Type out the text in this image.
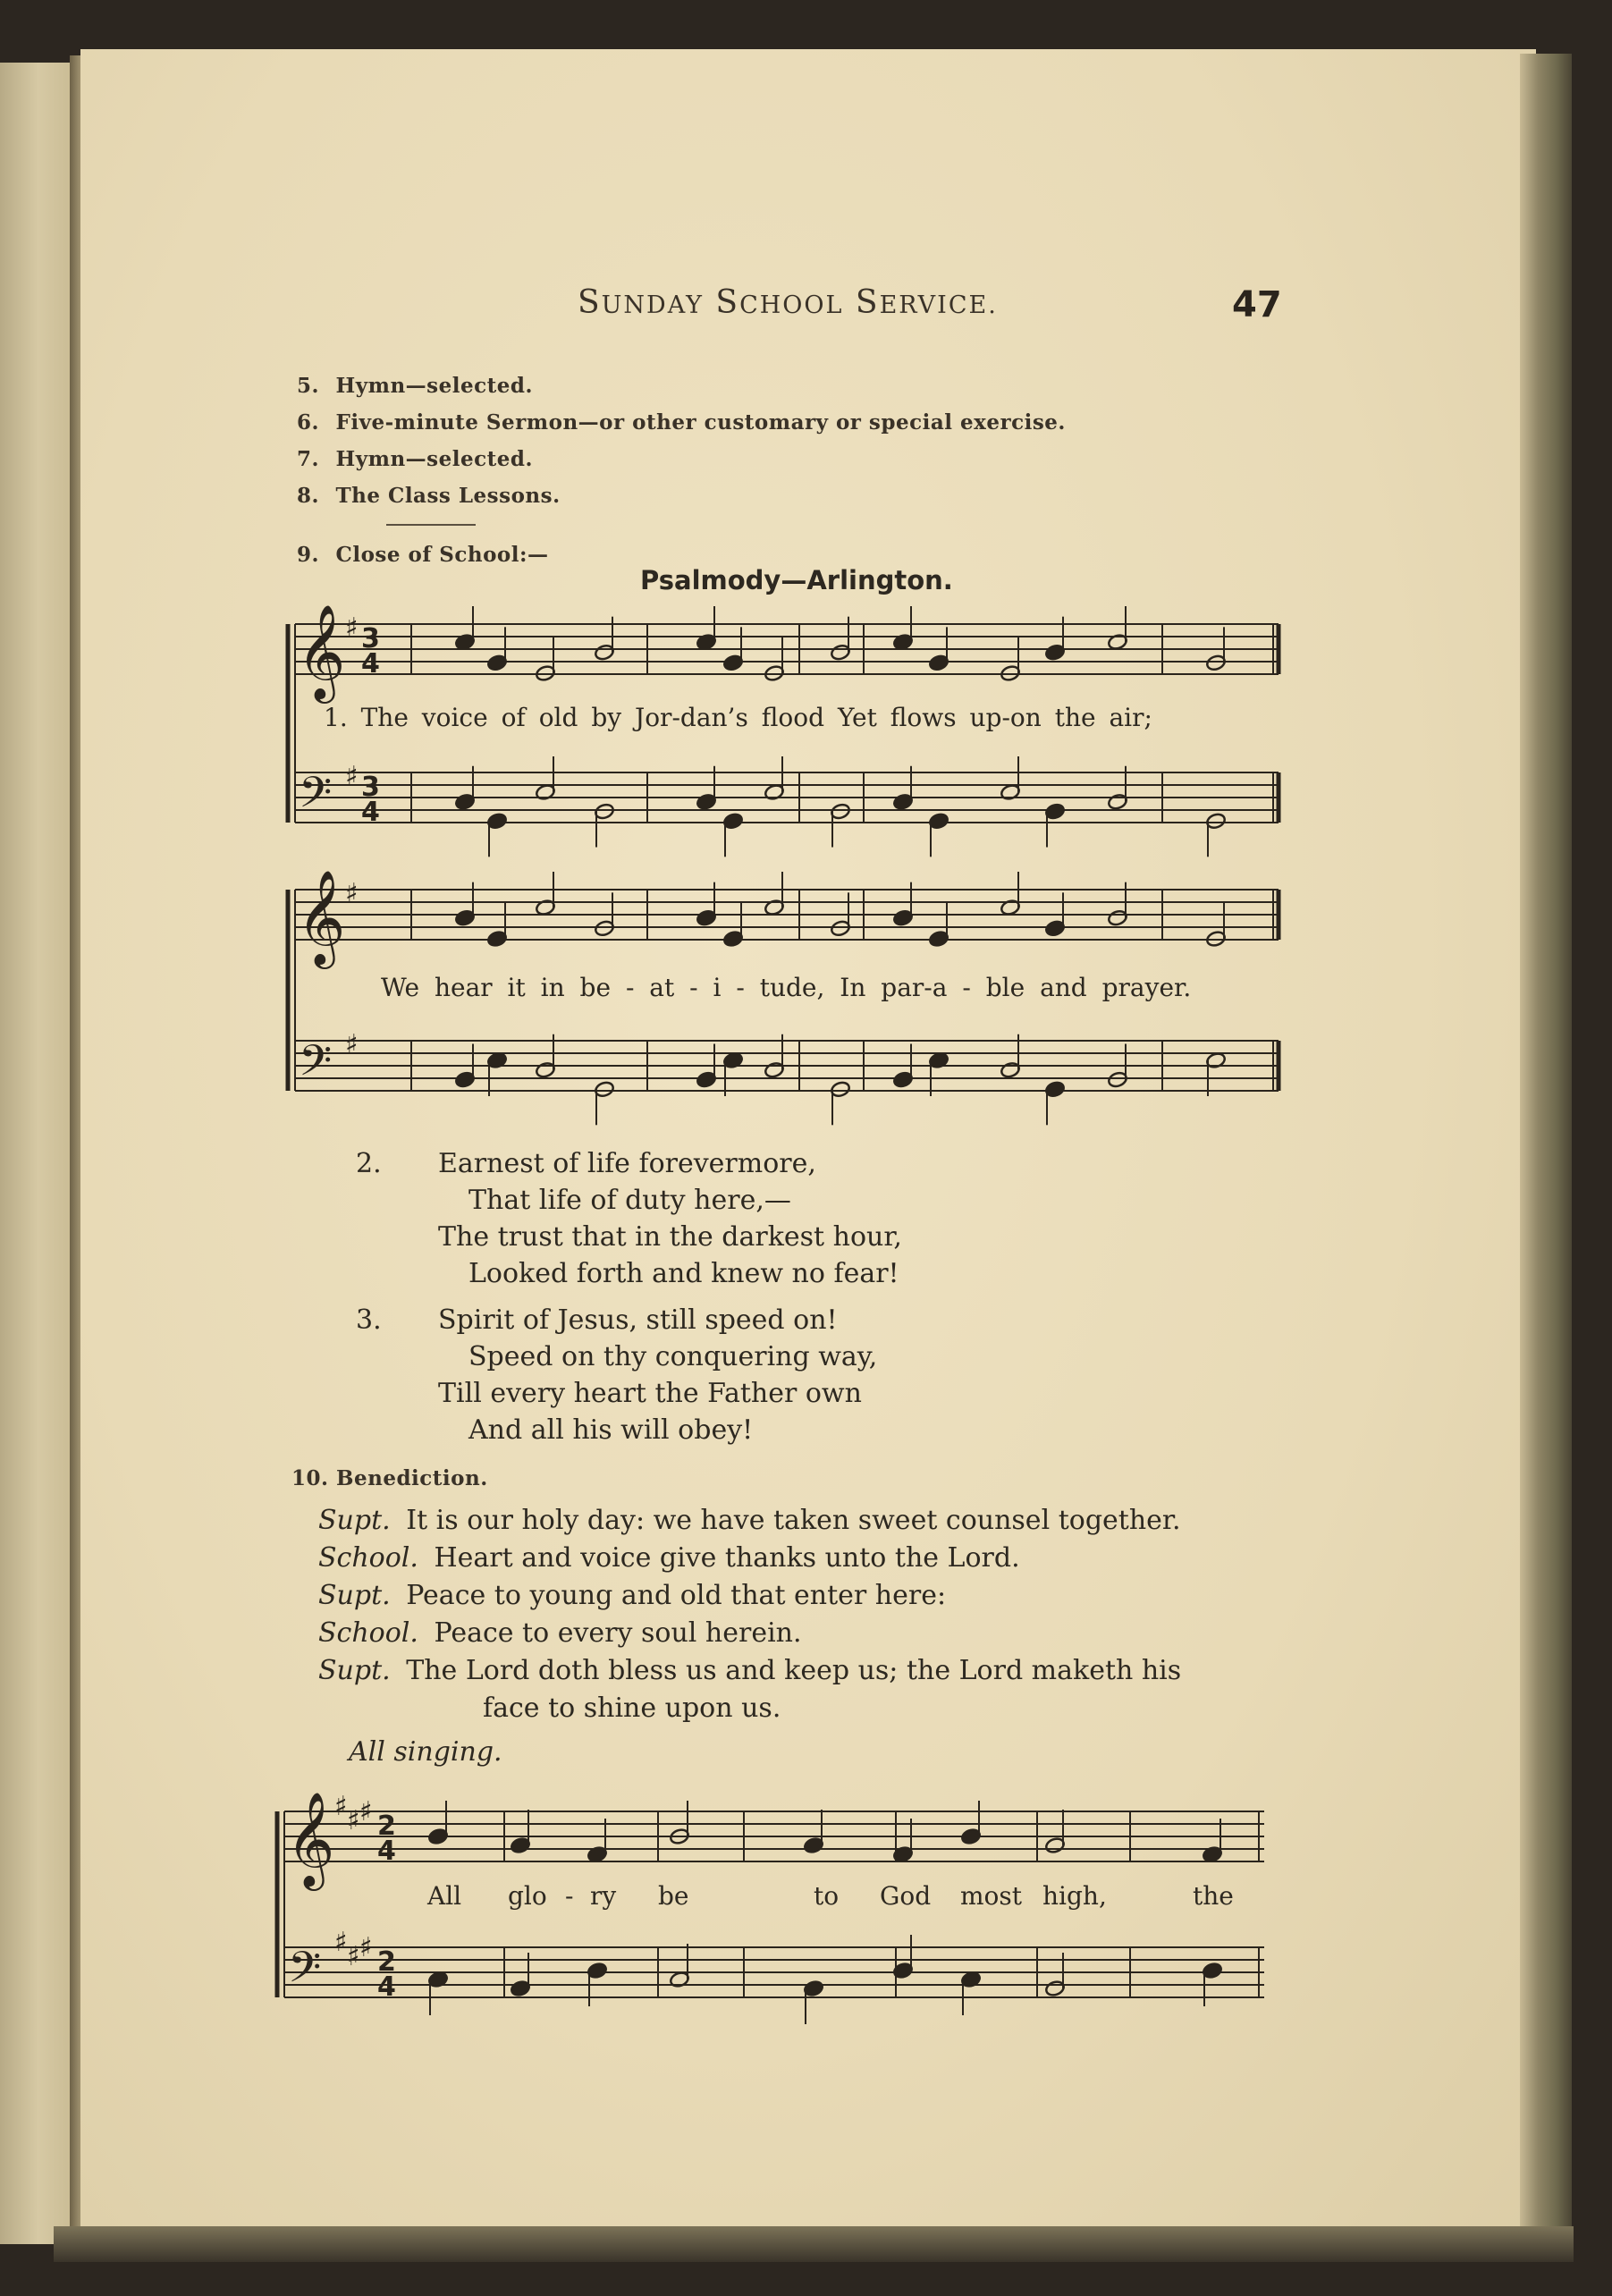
SUNDAY SCHOOL SERVICE.	47
5. Hymn—selected.
6. Five-minute Sermon—or other customary or special exercise.
7. Hymn—selected.
8. The Class Lessons.
9. Close of School:—
Psalmody—Arlington.
𝄞 ♯ 3
4
𝄢 ♯ 3
4
𝄞 ♯
𝄢 ♯
𝄞
𝄢
♯ ♯ ♯ 2
4
♯ ♯ ♯ 2
4
1. The voice of old by Jor-dan’s flood Yet flows up-on the air;
We hear it in be - at - i - tude, In par-a - ble and prayer.
2. Earnest of life forevermore,
That life of duty here,—
The trust that in the darkest hour,
Looked forth and knew no fear!
3. Spirit of Jesus, still speed on!
Speed on thy conquering way,
Till every heart the Father own
And all his will obey!
10. Benediction.
Supt. It is our holy day: we have taken sweet counsel together.
School. Heart and voice give thanks unto the Lord.
Supt. Peace to young and old that enter here:
School. Peace to every soul herein.
Supt. The Lord doth bless us and keep us; the Lord maketh his
face to shine upon us.
All singing.
All glo - ry be	to God most high,	the
